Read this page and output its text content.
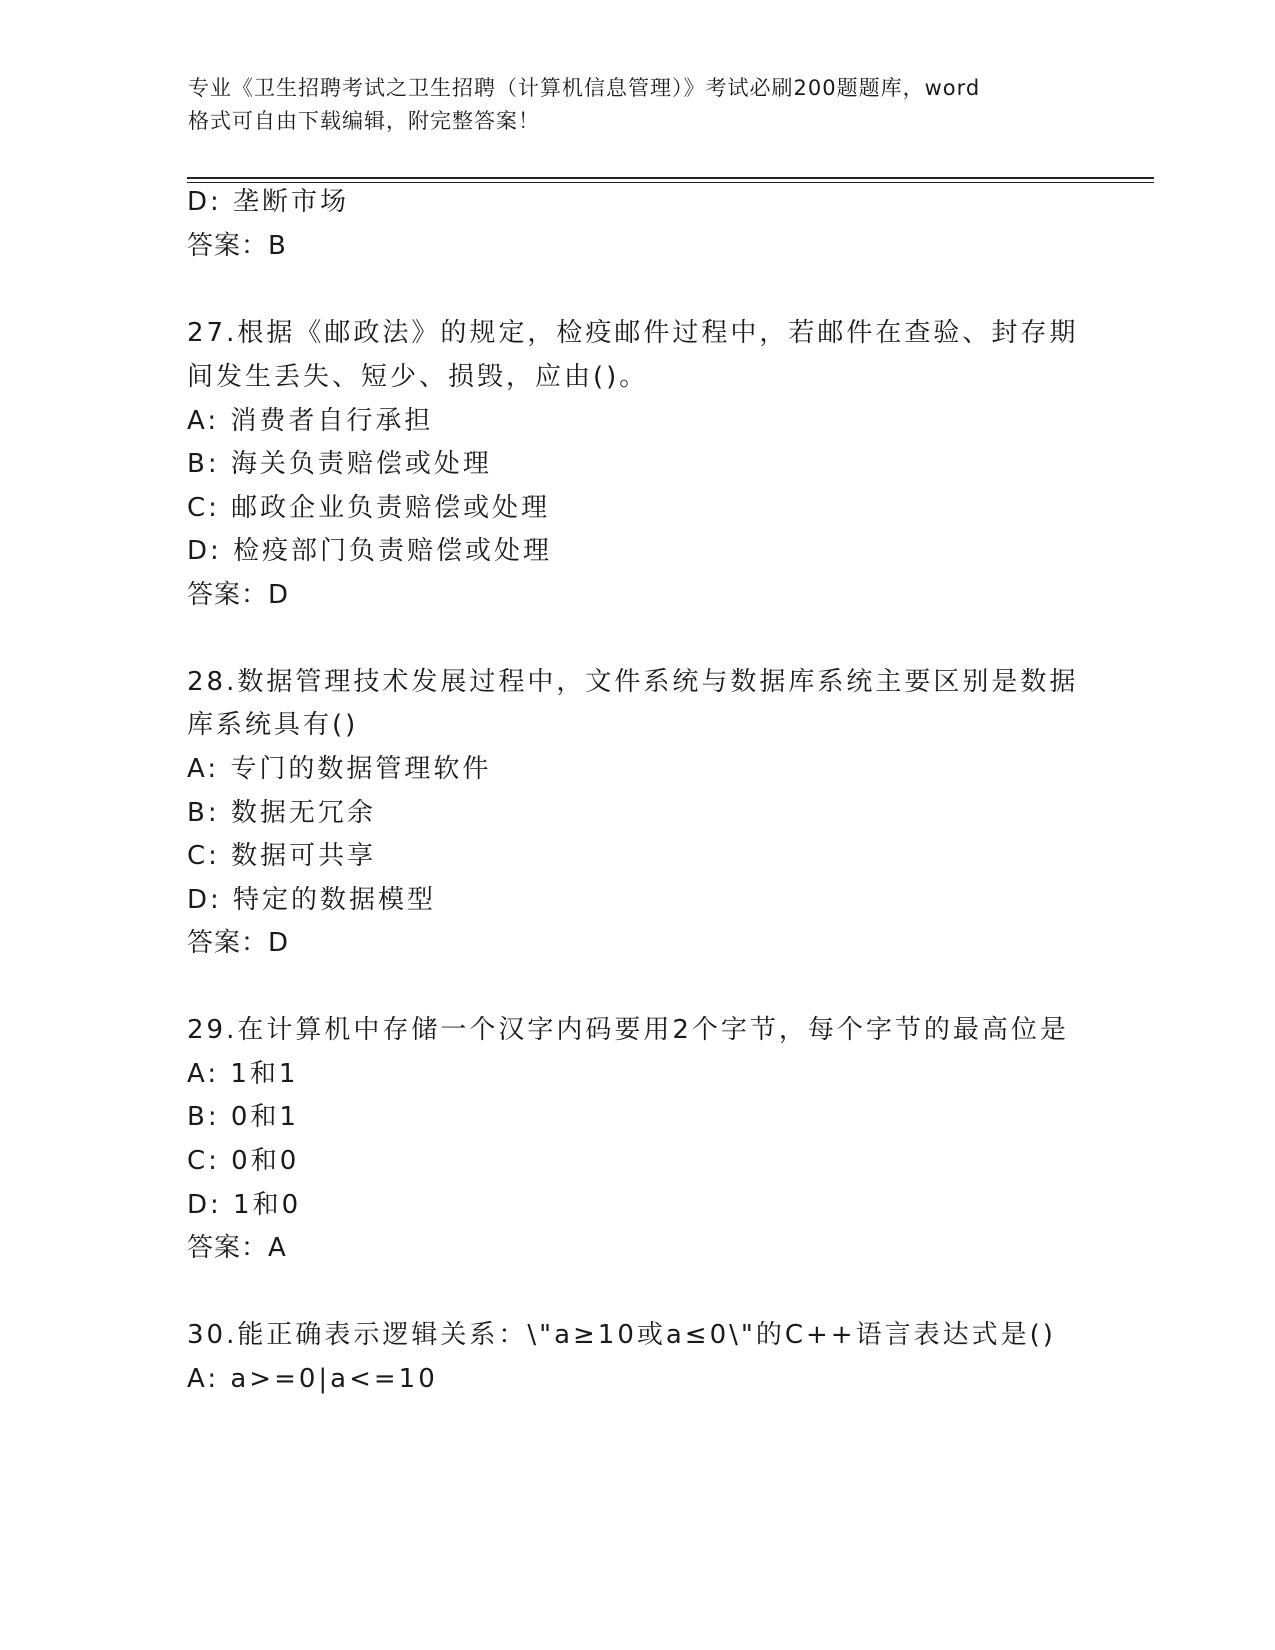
专业《卫生招聘考试之卫生招聘（计算机信息管理）》考试必刷200题题库，word
格式可自由下载编辑，附完整答案！
D: 垄断市场
答案：B
27.根据《邮政法》的规定，检疫邮件过程中，若邮件在查验、封存期
间发生丢失、短少、损毁，应由()。
A: 消费者自行承担
B: 海关负责赔偿或处理
C: 邮政企业负责赔偿或处理
D: 检疫部门负责赔偿或处理
答案：D
28.数据管理技术发展过程中，文件系统与数据库系统主要区别是数据
库系统具有()
A: 专门的数据管理软件
B: 数据无冗余
C: 数据可共享
D: 特定的数据模型
答案：D
29.在计算机中存储一个汉字内码要用2个字节，每个字节的最高位是
A: 1和1
B: 0和1
C: 0和0
D: 1和0
答案：A
30.能正确表示逻辑关系：\"a≥10或a≤0\"的C++语言表达式是()
A: a>=0|a<=10
